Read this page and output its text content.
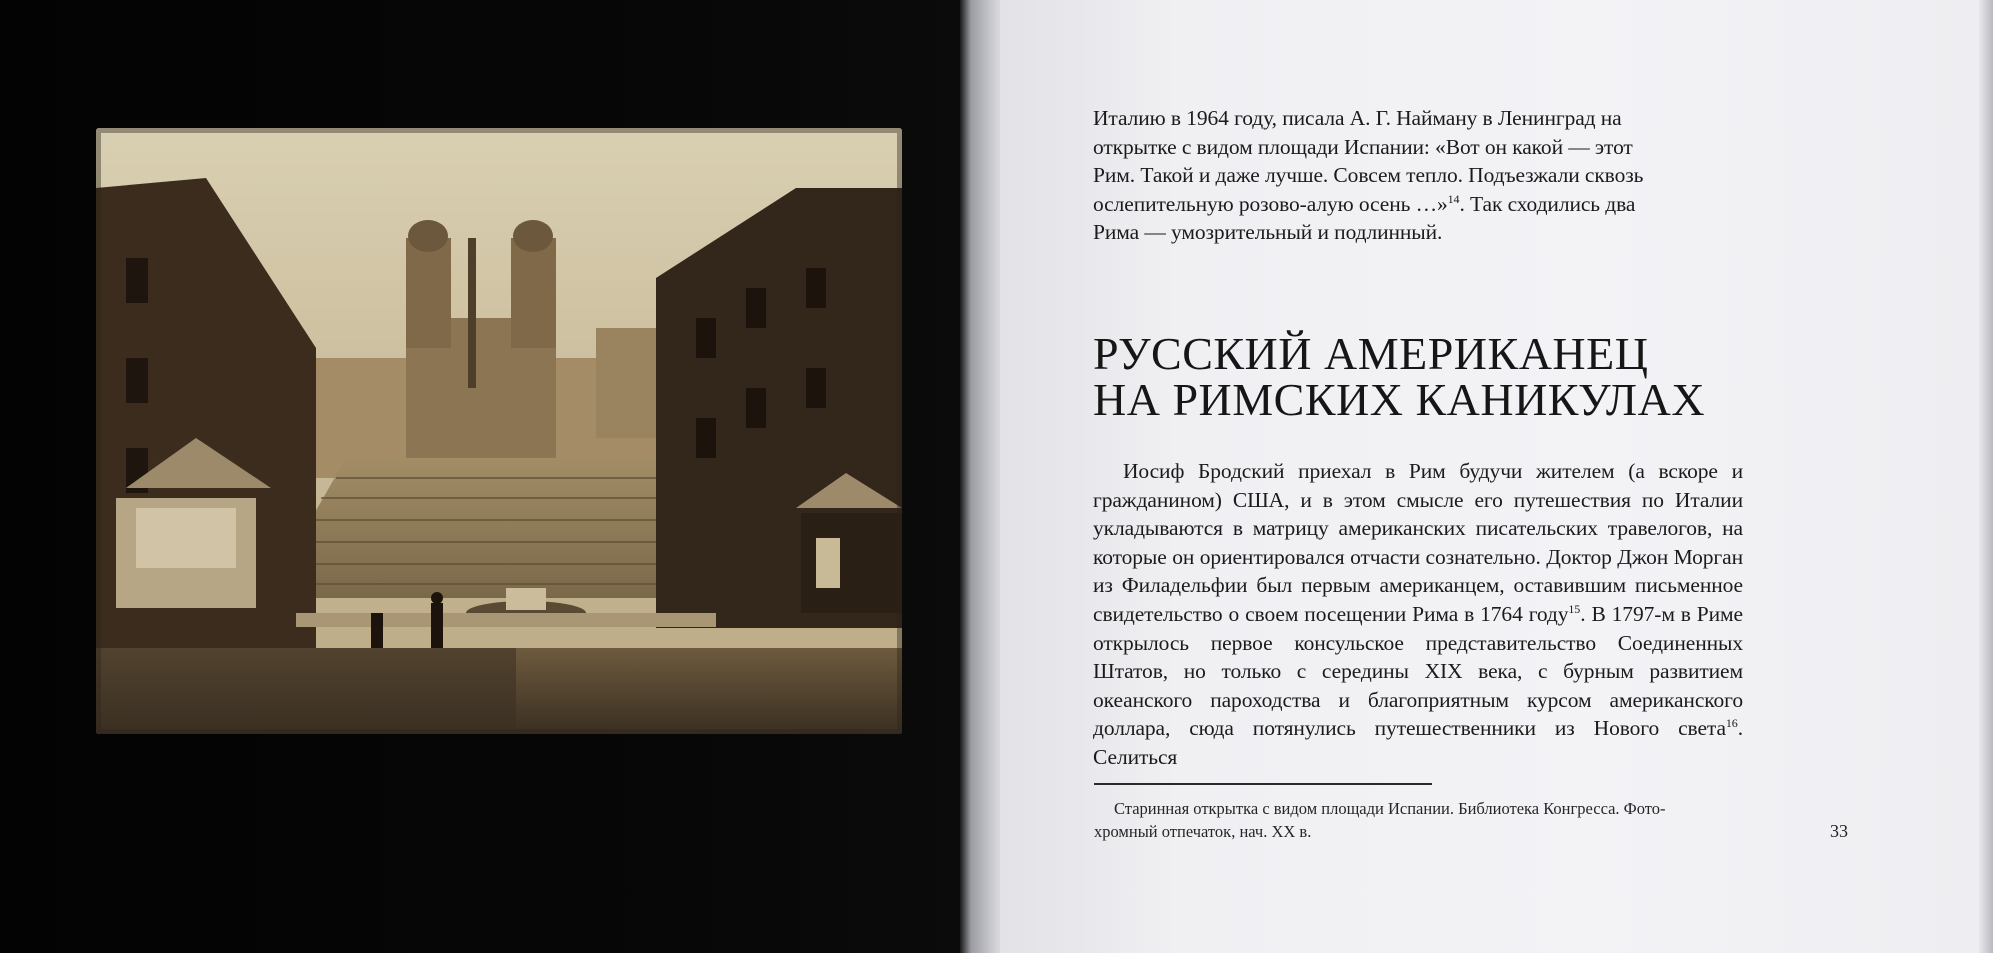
Италию в 1964 году, писала А. Г. Найману в Ленинград на
открытке с видом площади Испании: «Вот он какой — этот
Рим. Такой и даже лучше. Совсем тепло. Подъезжали сквозь
ослепительную розово-алую осень …»$^{14}$. Так сходились два
Рима — умозрительный и подлинный.

РУССКИЙ АМЕРИКАНЕЦ
НА РИМСКИХ КАНИКУЛАХ

Иосиф Бродский приехал в Рим будучи жителем (а вскоре и гражданином) США, и в этом смысле его путешествия по Италии укладываются в матрицу американских писательских травелогов, на которые он ориентировался отчасти сознательно. Доктор Джон Морган из Филадельфии был первым американцем, оставившим письменное свидетельство о своем посещении Рима в 1764 году$^{15}$. В 1797-м в Риме открылось первое консульское представительство Соединенных Штатов, но только с середины XIX века, с бурным развитием океанского пароходства и благоприятным курсом американского доллара, сюда потянулись путешественники из Нового света$^{16}$. Селиться

Старинная открытка с видом площади Испании. Библиотека Конгресса. Фото-
хромный отпечаток, нач. XX в.	33
